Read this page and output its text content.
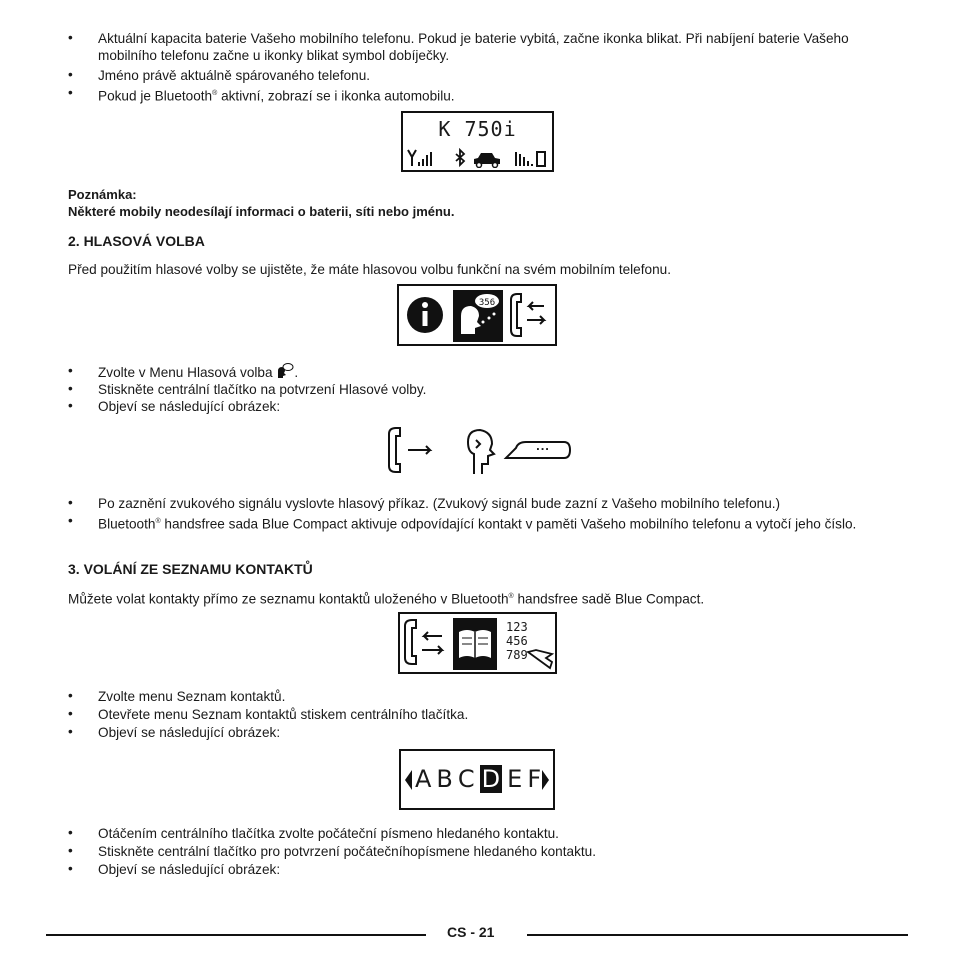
•	Aktuální kapacita baterie Vašeho mobilního telefonu. Pokud je baterie vybitá, začne ikonka blikat. Při nabíjení baterie Vašeho mobilního telefonu začne u ikonky blikat symbol dobíječky.
•	Jméno právě aktuálně spárovaného telefonu.
•	Pokud je Bluetooth® aktivní, zobrazí se i ikonka automobilu.
K 750i
Poznámka:
Některé mobily neodesílají informaci o baterii, síti nebo jménu.
2. HLASOVÁ VOLBA
Před použitím hlasové volby se ujistěte, že máte hlasovou volbu funkční na svém mobilním telefonu.
356
•	Zvolte v Menu Hlasová volba .
•	Stiskněte centrální tlačítko na potvrzení Hlasové volby.
•	Objeví se následující obrázek:
...
•	Po zaznění zvukového signálu vyslovte hlasový příkaz. (Zvukový signál bude zazní z Vašeho mobilního telefonu.)
•	Bluetooth® handsfree sada Blue Compact aktivuje odpovídající kontakt v paměti Vašeho mobilního telefonu a vytočí jeho číslo.
3. VOLÁNÍ ZE SEZNAMU KONTAKTŮ
Můžete volat kontakty přímo ze seznamu kontaktů uloženého v Bluetooth® handsfree sadě Blue Compact.
123
456
789
•	Zvolte menu Seznam kontaktů.
•	Otevřete menu Seznam kontaktů stiskem centrálního tlačítka.
•	Objeví se následující obrázek:
A B C D E F
•	Otáčením centrálního tlačítka zvolte počáteční písmeno hledaného kontaktu.
•	Stiskněte centrální tlačítko pro potvrzení počátečníhopísmene hledaného kontaktu.
•	Objeví se následující obrázek:
CS - 21
